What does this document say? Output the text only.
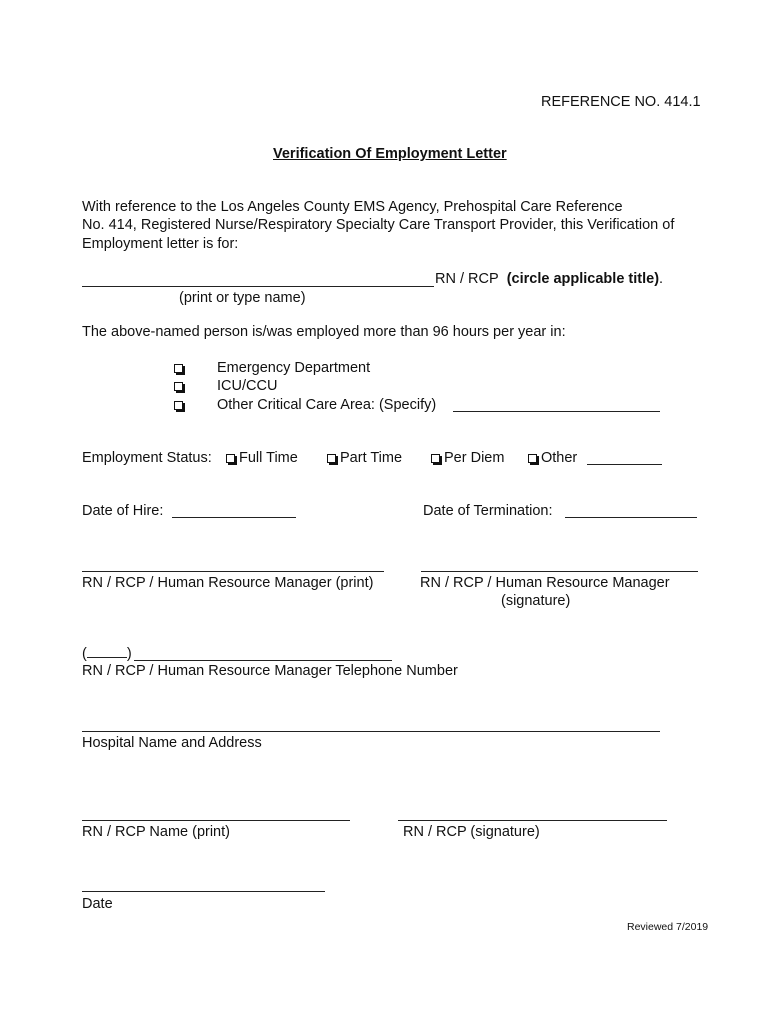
REFERENCE NO. 414.1
Verification Of Employment Letter
With reference to the Los Angeles County EMS Agency, Prehospital Care Reference
No. 414, Registered Nurse/Respiratory Specialty Care Transport Provider, this Verification of
Employment letter is for:
RN / RCP (circle applicable title).
(print or type name)
The above-named person is/was employed more than 96 hours per year in:
Emergency Department
ICU/CCU
Other Critical Care Area: (Specify)
Employment Status:	Full Time	Part Time	Per Diem	Other
Date of Hire:	Date of Termination:
RN / RCP / Human Resource Manager (print)	RN / RCP / Human Resource Manager
(signature)
(	)
RN / RCP / Human Resource Manager Telephone Number
Hospital Name and Address
RN / RCP Name (print)	RN / RCP (signature)
Date
Reviewed 7/2019
